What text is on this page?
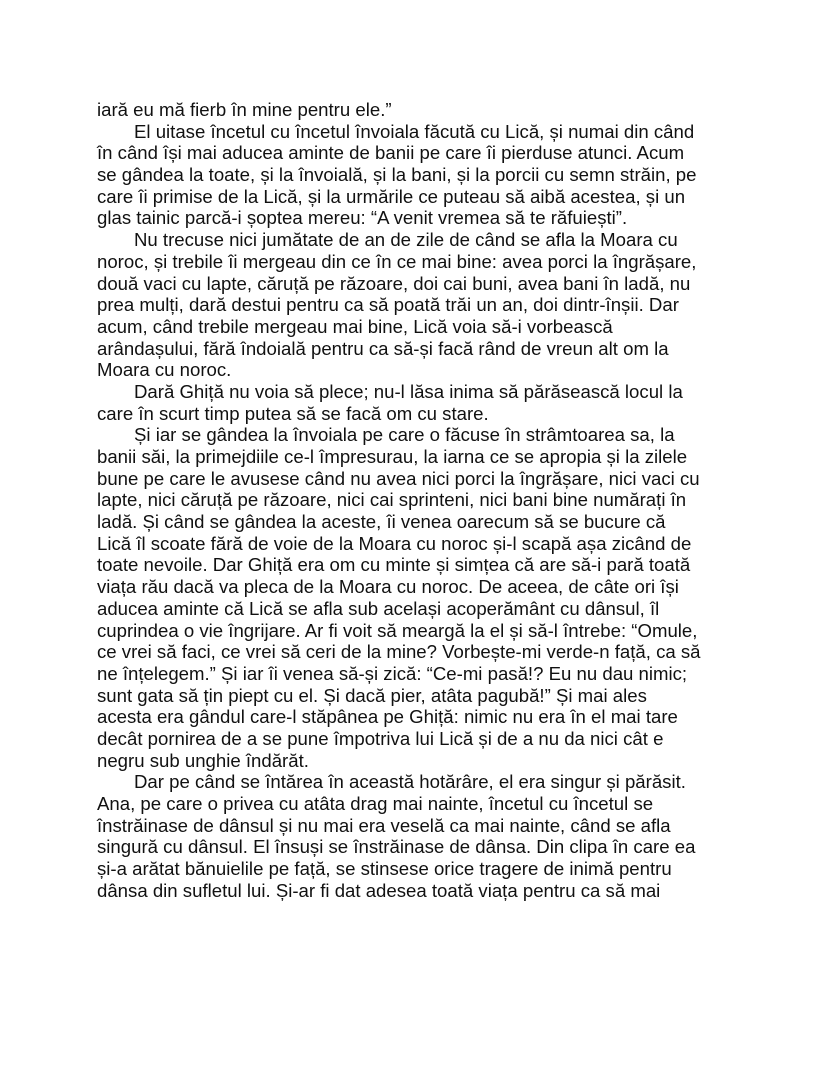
iară eu mă fierb în mine pentru ele.”
El uitase încetul cu încetul învoiala făcută cu Lică, și numai din când
în când își mai aducea aminte de banii pe care îi pierduse atunci. Acum
se gândea la toate, și la învoială, și la bani, și la porcii cu semn străin, pe
care îi primise de la Lică, și la urmările ce puteau să aibă acestea, și un
glas tainic parcă-i șoptea mereu: “A venit vremea să te răfuiești”.
Nu trecuse nici jumătate de an de zile de când se afla la Moara cu
noroc, și trebile îi mergeau din ce în ce mai bine: avea porci la îngrășare,
două vaci cu lapte, căruță pe răzoare, doi cai buni, avea bani în ladă, nu
prea mulți, dară destui pentru ca să poată trăi un an, doi dintr-înșii. Dar
acum, când trebile mergeau mai bine, Lică voia să-i vorbească
arândașului, fără îndoială pentru ca să-și facă rând de vreun alt om la
Moara cu noroc.
Dară Ghiță nu voia să plece; nu-l lăsa inima să părăsească locul la
care în scurt timp putea să se facă om cu stare.
Și iar se gândea la învoiala pe care o făcuse în strâmtoarea sa, la
banii săi, la primejdiile ce-l împresurau, la iarna ce se apropia și la zilele
bune pe care le avusese când nu avea nici porci la îngrășare, nici vaci cu
lapte, nici căruță pe răzoare, nici cai sprinteni, nici bani bine numărați în
ladă. Și când se gândea la aceste, îi venea oarecum să se bucure că
Lică îl scoate fără de voie de la Moara cu noroc și-l scapă așa zicând de
toate nevoile. Dar Ghiță era om cu minte și simțea că are să-i pară toată
viața rău dacă va pleca de la Moara cu noroc. De aceea, de câte ori își
aducea aminte că Lică se afla sub același acoperământ cu dânsul, îl
cuprindea o vie îngrijare. Ar fi voit să meargă la el și să-l întrebe: “Omule,
ce vrei să faci, ce vrei să ceri de la mine? Vorbește-mi verde-n față, ca să
ne înțelegem.” Și iar îi venea să-și zică: “Ce-mi pasă!? Eu nu dau nimic;
sunt gata să țin piept cu el. Și dacă pier, atâta pagubă!” Și mai ales
acesta era gândul care-l stăpânea pe Ghiță: nimic nu era în el mai tare
decât pornirea de a se pune împotriva lui Lică și de a nu da nici cât e
negru sub unghie îndărăt.
Dar pe când se întărea în această hotărâre, el era singur și părăsit.
Ana, pe care o privea cu atâta drag mai nainte, încetul cu încetul se
înstrăinase de dânsul și nu mai era veselă ca mai nainte, când se afla
singură cu dânsul. El însuși se înstrăinase de dânsa. Din clipa în care ea
și-a arătat bănuielile pe față, se stinsese orice tragere de inimă pentru
dânsa din sufletul lui. Și-ar fi dat adesea toată viața pentru ca să mai
